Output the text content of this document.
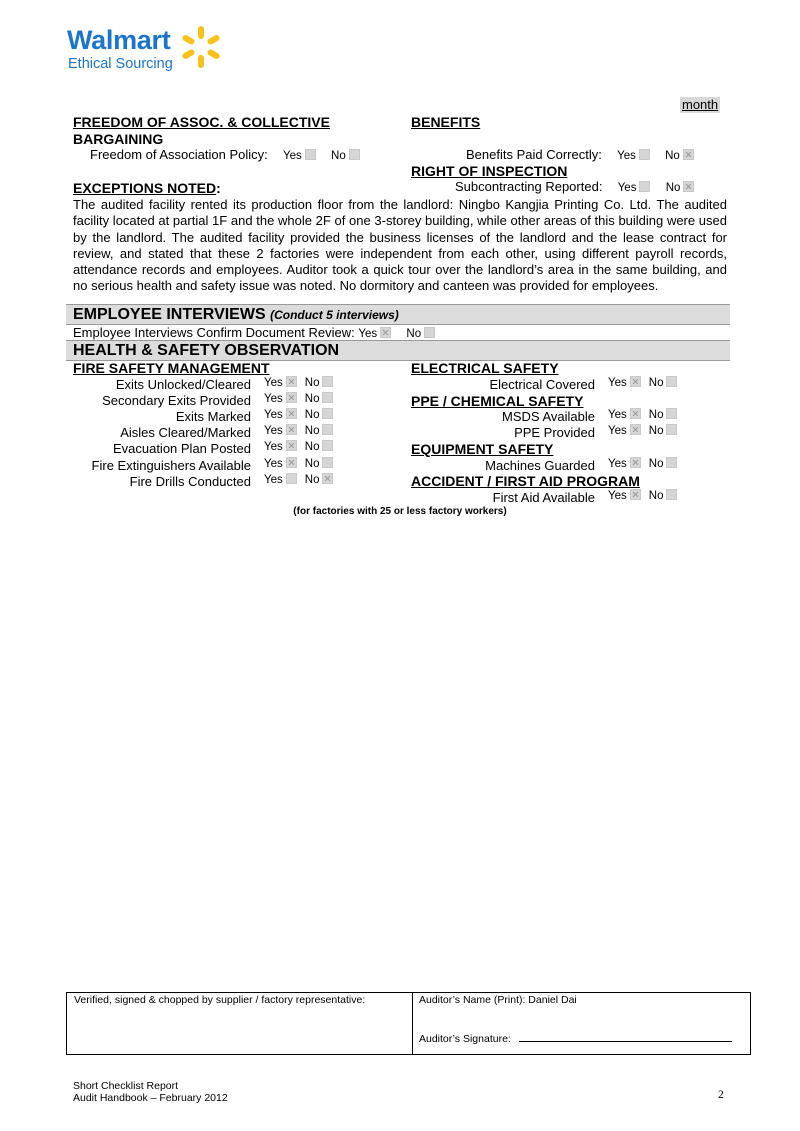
Walmart
Ethical Sourcing
month
FREEDOM OF ASSOC. & COLLECTIVE
BARGAINING
Freedom of Association Policy: Yes	No
BENEFITS
Benefits Paid Correctly: Yes	No
RIGHT OF INSPECTION
Subcontracting Reported: Yes	No
EXCEPTIONS NOTED:
The audited facility rented its production floor from the landlord: Ningbo Kangjia Printing Co. Ltd. The audited facility located at partial 1F and the whole 2F of one 3-storey building, while other areas of this building were used by the landlord. The audited facility provided the business licenses of the landlord and the lease contract for review, and stated that these 2 factories were independent from each other, using different payroll records, attendance records and employees. Auditor took a quick tour over the landlord’s area in the same building, and no serious health and safety issue was noted. No dormitory and canteen was provided for employees.
EMPLOYEE INTERVIEWS (Conduct 5 interviews)
Employee Interviews Confirm Document Review: Yes	No
HEALTH & SAFETY OBSERVATION
FIRE SAFETY MANAGEMENT
Exits Unlocked/Cleared Yes No
Secondary Exits Provided Yes No
Exits Marked Yes No
Aisles Cleared/Marked Yes No
Evacuation Plan Posted Yes No
Fire Extinguishers Available Yes No
Fire Drills Conducted Yes No
ELECTRICAL SAFETY
Electrical Covered Yes No
PPE / CHEMICAL SAFETY
MSDS Available Yes No
PPE Provided Yes No
EQUIPMENT SAFETY
Machines Guarded Yes No
ACCIDENT / FIRST AID PROGRAM
First Aid Available Yes No
(for factories with 25 or less factory workers)
Verified, signed & chopped by supplier / factory representative:	Auditor’s Name (Print): Daniel Dai
Auditor’s Signature:
Short Checklist Report
Audit Handbook – February 2012	2
